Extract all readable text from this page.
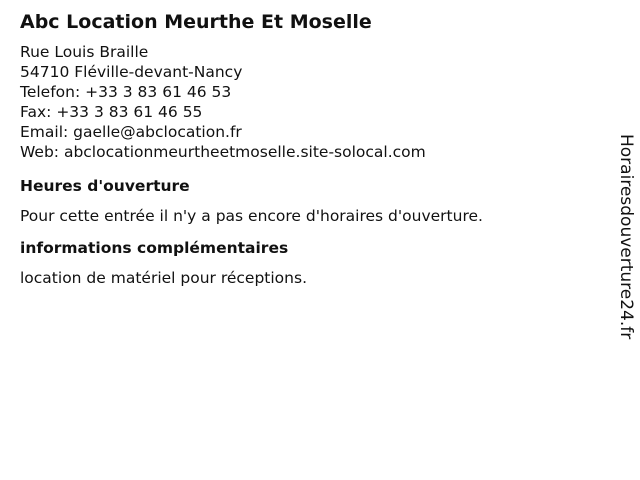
Abc Location Meurthe Et Moselle
Rue Louis Braille
54710 Fléville-devant-Nancy
Telefon: +33 3 83 61 46 53
Fax: +33 3 83 61 46 55
Email: gaelle@abclocation.fr
Web: abclocationmeurtheetmoselle.site-solocal.com
Heures d'ouverture
Pour cette entrée il n'y a pas encore d'horaires d'ouverture.
informations complémentaires
location de matériel pour réceptions.	Horairesdouverture24.fr
